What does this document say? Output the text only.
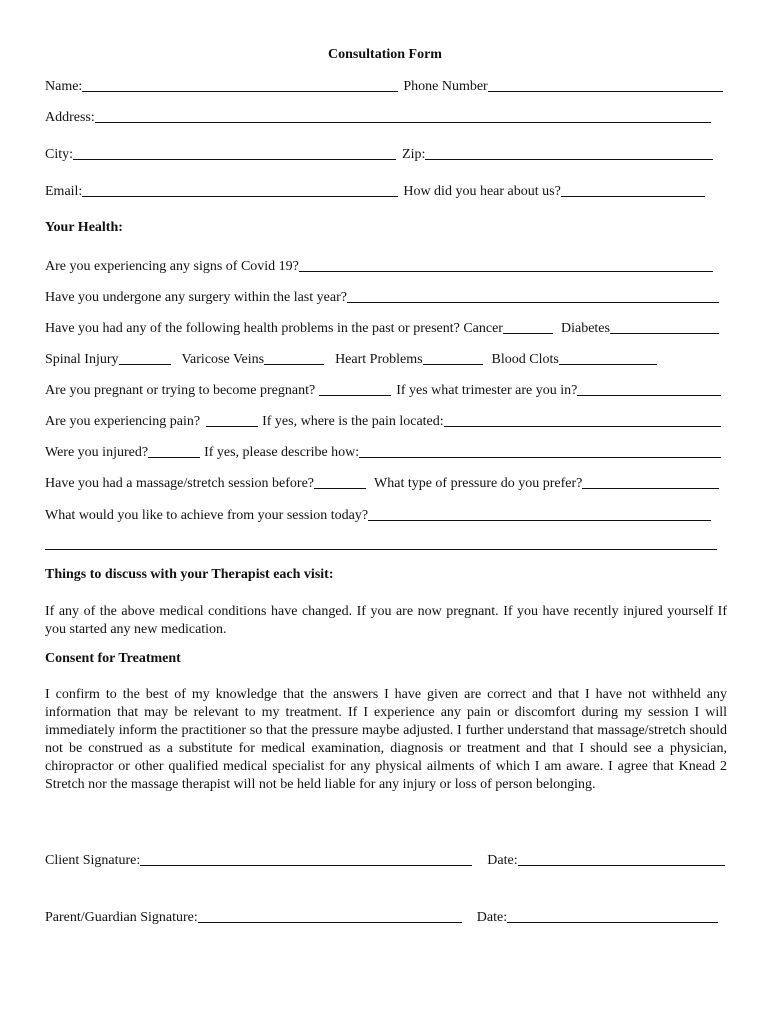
Consultation Form
Name:	Phone Number
Address:
City:	Zip:
Email:	How did you hear about us?
Your Health:
Are you experiencing any signs of Covid 19?
Have you undergone any surgery within the last year?
Have you had any of the following health problems in the past or present? Cancer	Diabetes
Spinal Injury	Varicose Veins	Heart Problems	Blood Clots
Are you pregnant or trying to become pregnant?	If yes what trimester are you in?
Are you experiencing pain?	If yes, where is the pain located:
Were you injured?	If yes, please describe how:
Have you had a massage/stretch session before?	What type of pressure do you prefer?
What would you like to achieve from your session today?
Things to discuss with your Therapist each visit:
If any of the above medical conditions have changed. If you are now pregnant. If you have recently injured yourself If you started any new medication.
Consent for Treatment
I confirm to the best of my knowledge that the answers I have given are correct and that I have not withheld any information that may be relevant to my treatment. If I experience any pain or discomfort during my session I will immediately inform the practitioner so that the pressure maybe adjusted. I further understand that massage/stretch should not be construed as a substitute for medical examination, diagnosis or treatment and that I should see a physician, chiropractor or other qualified medical specialist for any physical ailments of which I am aware. I agree that Knead 2 Stretch nor the massage therapist will not be held liable for any injury or loss of person belonging.
Client Signature:	Date:
Parent/Guardian Signature:	Date:
